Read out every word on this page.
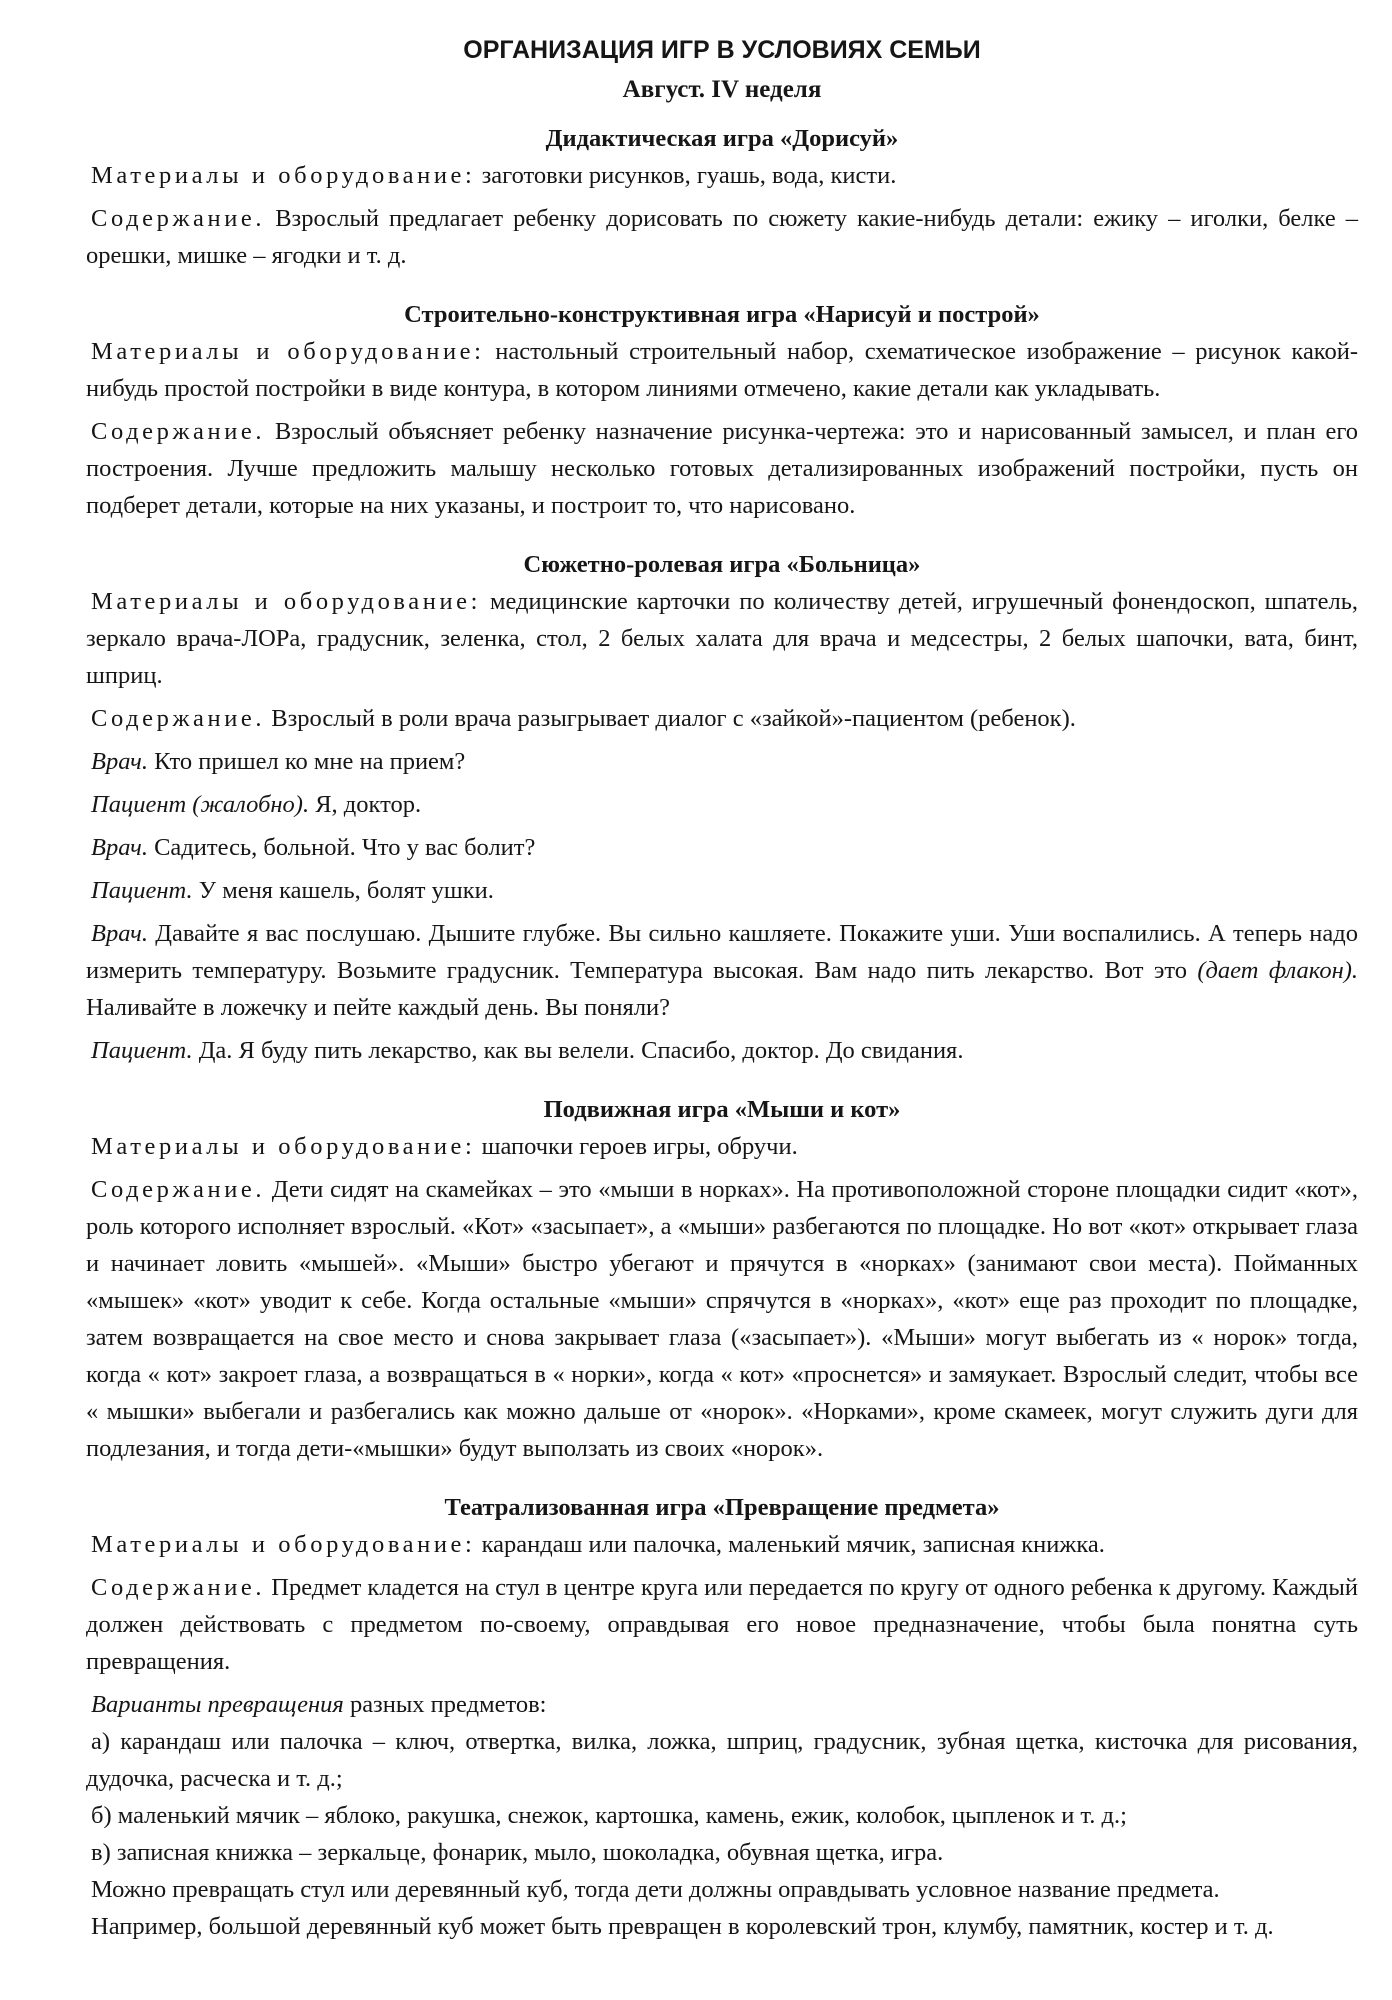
ОРГАНИЗАЦИЯ ИГР В УСЛОВИЯХ СЕМЬИ
Август. IV неделя
Дидактическая игра «Дорисуй»

Материалы и оборудование: заготовки рисунков, гуашь, вода, кисти.

Содержание. Взрослый предлагает ребенку дорисовать по сюжету какие-нибудь детали: ежику – иголки, белке – орешки, мишке – ягодки и т. д.

Строительно-конструктивная игра «Нарисуй и построй»

Материалы и оборудование: настольный строительный набор, схематическое изображение – рисунок какой-нибудь простой постройки в виде контура, в котором линиями отмечено, какие детали как укладывать.

Содержание. Взрослый объясняет ребенку назначение рисунка-чертежа: это и нарисованный замысел, и план его построения. Лучше предложить малышу несколько готовых детализированных изображений постройки, пусть он подберет детали, которые на них указаны, и построит то, что нарисовано.

Сюжетно-ролевая игра «Больница»

Материалы и оборудование: медицинские карточки по количеству детей, игрушечный фонендоскоп, шпатель, зеркало врача-ЛОРа, градусник, зеленка, стол, 2 белых халата для врача и медсестры, 2 белых шапочки, вата, бинт, шприц.

Содержание. Взрослый в роли врача разыгрывает диалог с «зайкой»-пациентом (ребенок).

Врач. Кто пришел ко мне на прием?

Пациент (жалобно). Я, доктор.

Врач. Садитесь, больной. Что у вас болит?

Пациент. У меня кашель, болят ушки.

Врач. Давайте я вас послушаю. Дышите глубже. Вы сильно кашляете. Покажите уши. Уши воспалились. А теперь надо измерить температуру. Возьмите градусник. Температура высокая. Вам надо пить лекарство. Вот это (дает флакон). Наливайте в ложечку и пейте каждый день. Вы поняли?

Пациент. Да. Я буду пить лекарство, как вы велели. Спасибо, доктор. До свидания.

Подвижная игра «Мыши и кот»

Материалы и оборудование: шапочки героев игры, обручи.

Содержание. Дети сидят на скамейках – это «мыши в норках». На противоположной стороне площадки сидит «кот», роль которого исполняет взрослый. «Кот» «засыпает», а «мыши» разбегаются по площадке. Но вот «кот» открывает глаза и начинает ловить «мышей». «Мыши» быстро убегают и прячутся в «норках» (занимают свои места). Пойманных «мышек» «кот» уводит к себе. Когда остальные «мыши» спрячутся в «норках», «кот» еще раз проходит по площадке, затем возвращается на свое место и снова закрывает глаза («засыпает»). «Мыши» могут выбегать из « норок» тогда, когда « кот» закроет глаза, а возвращаться в « норки», когда « кот» «проснется» и замяукает. Взрослый следит, чтобы все « мышки» выбегали и разбегались как можно дальше от «норок». «Норками», кроме скамеек, могут служить дуги для подлезания, и тогда дети-«мышки» будут выползать из своих «норок».

Театрализованная игра «Превращение предмета»

Материалы и оборудование: карандаш или палочка, маленький мячик, записная книжка.

Содержание. Предмет кладется на стул в центре круга или передается по кругу от одного ребенка к другому. Каждый должен действовать с предметом по-своему, оправдывая его новое предназначение, чтобы была понятна суть превращения.

Варианты превращения разных предметов:

а) карандаш или палочка – ключ, отвертка, вилка, ложка, шприц, градусник, зубная щетка, кисточка для рисования, дудочка, расческа и т. д.;

б) маленький мячик – яблоко, ракушка, снежок, картошка, камень, ежик, колобок, цыпленок и т. д.;

в) записная книжка – зеркальце, фонарик, мыло, шоколадка, обувная щетка, игра.

Можно превращать стул или деревянный куб, тогда дети должны оправдывать условное название предмета.

Например, большой деревянный куб может быть превращен в королевский трон, клумбу, памятник, костер и т. д.
